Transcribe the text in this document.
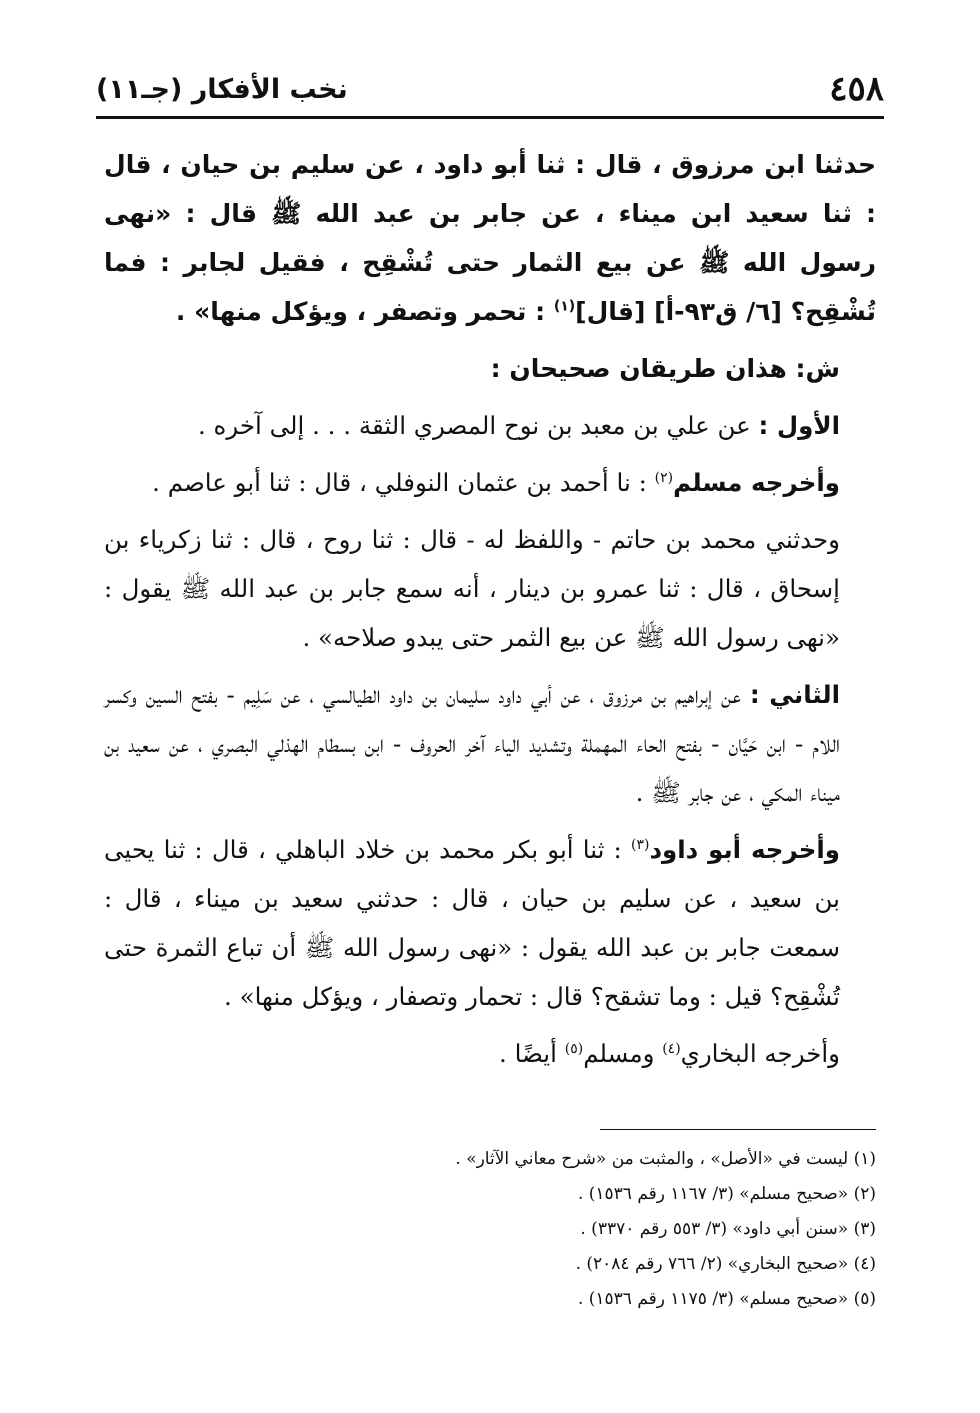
٤٥٨
نخب الأفكار (جـ١١)

حدثنا ابن مرزوق ، قال : ثنا أبو داود ، عن سليم بن حيان ، قال : ثنا سعيد ابن ميناء ، عن جابر بن عبد الله ﷺ قال : «نهى رسول الله ﷺ عن بيع الثمار حتى تُشْقِح ، فقيل لجابر : فما تُشْقِح؟ [٦/ ق٩٣-أ] [قال]$^{(١)}$ : تحمر وتصفر ، ويؤكل منها» .

ش: هذان طريقان صحيحان :

الأول : عن علي بن معبد بن نوح المصري الثقة . . . إلى آخره .

وأخرجه مسلم$^{(٢)}$ : نا أحمد بن عثمان النوفلي ، قال : ثنا أبو عاصم .

وحدثني محمد بن حاتم - واللفظ له - قال : ثنا روح ، قال : ثنا زكرياء بن إسحاق ، قال : ثنا عمرو بن دينار ، أنه سمع جابر بن عبد الله ﷺ يقول : «نهى رسول الله ﷺ عن بيع الثمر حتى يبدو صلاحه» .

الثاني : عن إبراهيم بن مرزوق ، عن أبي داود سليمان بن داود الطيالسي ، عن سَلِيم - بفتح السين وكسر اللام - ابن حَيَّان - بفتح الحاء المهملة وتشديد الياء آخر الحروف - ابن بسطام الهذلي البصري ، عن سعيد بن ميناء المكي ، عن جابر ﷺ .

وأخرجه أبو داود$^{(٣)}$ : ثنا أبو بكر محمد بن خلاد الباهلي ، قال : ثنا يحيى بن سعيد ، عن سليم بن حيان ، قال : حدثني سعيد بن ميناء ، قال : سمعت جابر بن عبد الله يقول : «نهى رسول الله ﷺ أن تباع الثمرة حتى تُشْقِح؟ قيل : وما تشقح؟ قال : تحمار وتصفار ، ويؤكل منها» .

وأخرجه البخاري$^{(٤)}$ ومسلم$^{(٥)}$ أيضًا .

(١) ليست في «الأصل» ، والمثبت من «شرح معاني الآثار» .
(٢) «صحيح مسلم» (٣/ ١١٦٧ رقم ١٥٣٦) .
(٣) «سنن أبي داود» (٣/ ٥٥٣ رقم ٣٣٧٠) .
(٤) «صحيح البخاري» (٢/ ٧٦٦ رقم ٢٠٨٤) .
(٥) «صحيح مسلم» (٣/ ١١٧٥ رقم ١٥٣٦) .
